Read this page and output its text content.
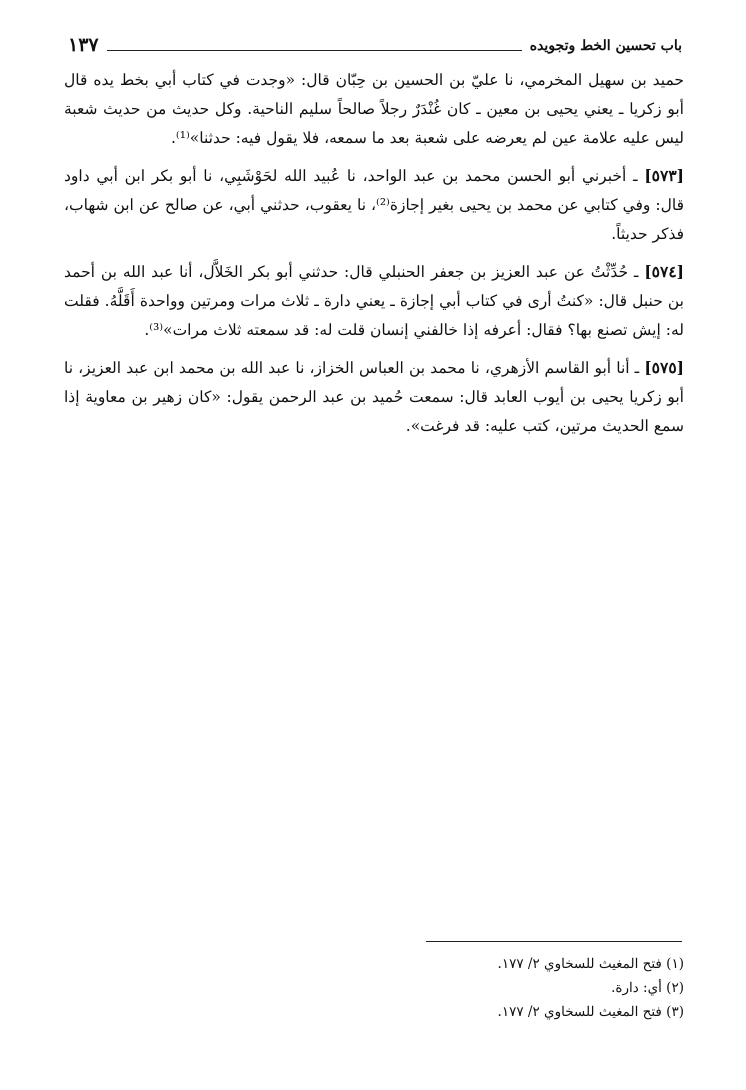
باب تحسين الخط وتجويده
١٣٧

حميد بن سهيل المخرمي، نا عليّ بن الحسين بن حِبّان قال: «وجدت في كتاب أبي بخط يده قال أبو زكريا ـ يعني يحيى بن معين ـ كان غُنْدَرٌ رجلاً صالحاً سليم الناحية. وكل حديث من حديث شعبة ليس عليه علامة عين لم يعرضه على شعبة بعد ما سمعه، فلا يقول فيه: حدثنا»⁽¹⁾.

[٥٧٣] ـ أخبرني أبو الحسن محمد بن عبد الواحد، نا عُبيد الله لحَوْشَبِي، نا أبو بكر ابن أبي داود قال: وفي كتابي عن محمد بن يحيى بغير إجازة⁽²⁾، نا يعقوب، حدثني أبي، عن صالح عن ابن شهاب، فذكر حديثاً.

[٥٧٤] ـ حُدِّثْتُ عن عبد العزيز بن جعفر الحنبلي قال: حدثني أبو بكر الخَلاَّل، أنا عبد الله بن أحمد بن حنبل قال: «كنتُ أرى في كتاب أبي إجازة ـ يعني دارة ـ ثلاث مرات ومرتين وواحدة أَقَلَّهُ. فقلت له: إيش تصنع بها؟ فقال: أعرفه إذا خالفني إنسان قلت له: قد سمعته ثلاث مرات»⁽³⁾.

[٥٧٥] ـ أنا أبو القاسم الأزهري، نا محمد بن العباس الخزاز، نا عبد الله بن محمد ابن عبد العزيز، نا أبو زكريا يحيى بن أيوب العابد قال: سمعت حُميد بن عبد الرحمن يقول: «كان زهير بن معاوية إذا سمع الحديث مرتين، كتب عليه: قد فرغت».

(١) فتح المغيث للسخاوي ٢/ ١٧٧.

(٢) أي: دارة.

(٣) فتح المغيث للسخاوي ٢/ ١٧٧.
